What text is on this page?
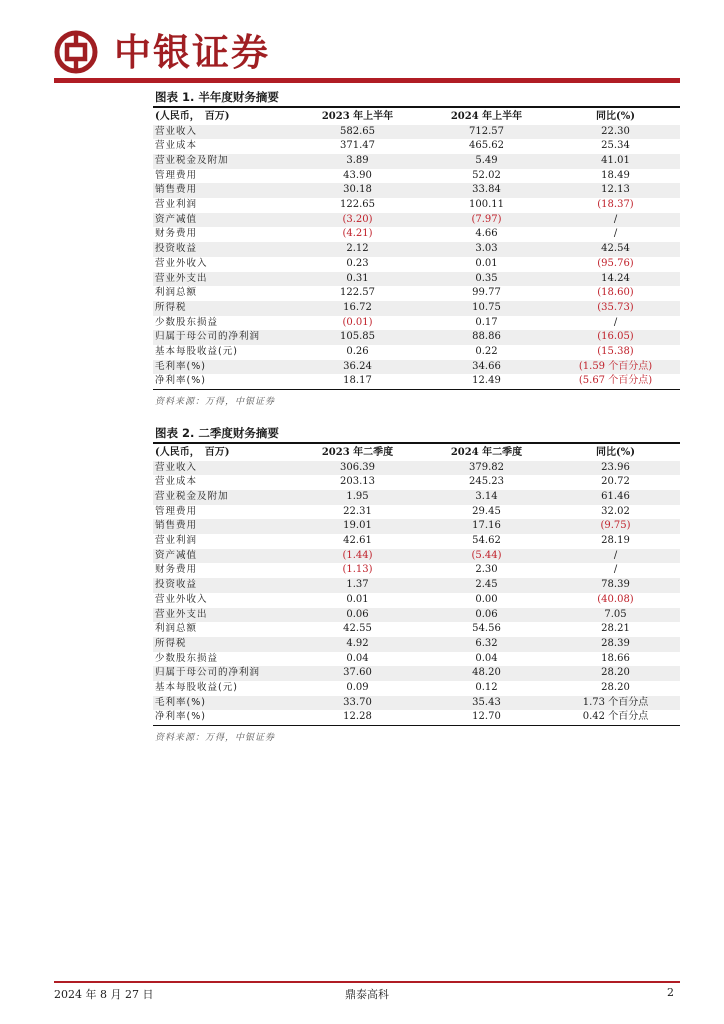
中银证券
图表 1. 半年度财务摘要
(人民币，　百万)	2023 年上半年	2024 年上半年	同比(%)
营业收入	582.65	712.57	22.30
营业成本	371.47	465.62	25.34
营业税金及附加	3.89	5.49	41.01
管理费用	43.90	52.02	18.49
销售费用	30.18	33.84	12.13
营业利润	122.65	100.11	(18.37)
资产减值	(3.20)	(7.97)	/
财务费用	(4.21)	4.66	/
投资收益	2.12	3.03	42.54
营业外收入	0.23	0.01	(95.76)
营业外支出	0.31	0.35	14.24
利润总额	122.57	99.77	(18.60)
所得税	16.72	10.75	(35.73)
少数股东损益	(0.01)	0.17	/
归属于母公司的净利润	105.85	88.86	(16.05)
基本每股收益(元)	0.26	0.22	(15.38)
毛利率(%)	36.24	34.66	(1.59 个百分点)
净利率(%)	18.17	12.49	(5.67 个百分点)
资料来源：万得，中银证券
图表 2. 二季度财务摘要
(人民币，　百万)	2023 年二季度	2024 年二季度	同比(%)
营业收入	306.39	379.82	23.96
营业成本	203.13	245.23	20.72
营业税金及附加	1.95	3.14	61.46
管理费用	22.31	29.45	32.02
销售费用	19.01	17.16	(9.75)
营业利润	42.61	54.62	28.19
资产减值	(1.44)	(5.44)	/
财务费用	(1.13)	2.30	/
投资收益	1.37	2.45	78.39
营业外收入	0.01	0.00	(40.08)
营业外支出	0.06	0.06	7.05
利润总额	42.55	54.56	28.21
所得税	4.92	6.32	28.39
少数股东损益	0.04	0.04	18.66
归属于母公司的净利润	37.60	48.20	28.20
基本每股收益(元)	0.09	0.12	28.20
毛利率(%)	33.70	35.43	1.73 个百分点
净利率(%)	12.28	12.70	0.42 个百分点
资料来源：万得，中银证券
2024 年 8 月 27 日	鼎泰高科	2
